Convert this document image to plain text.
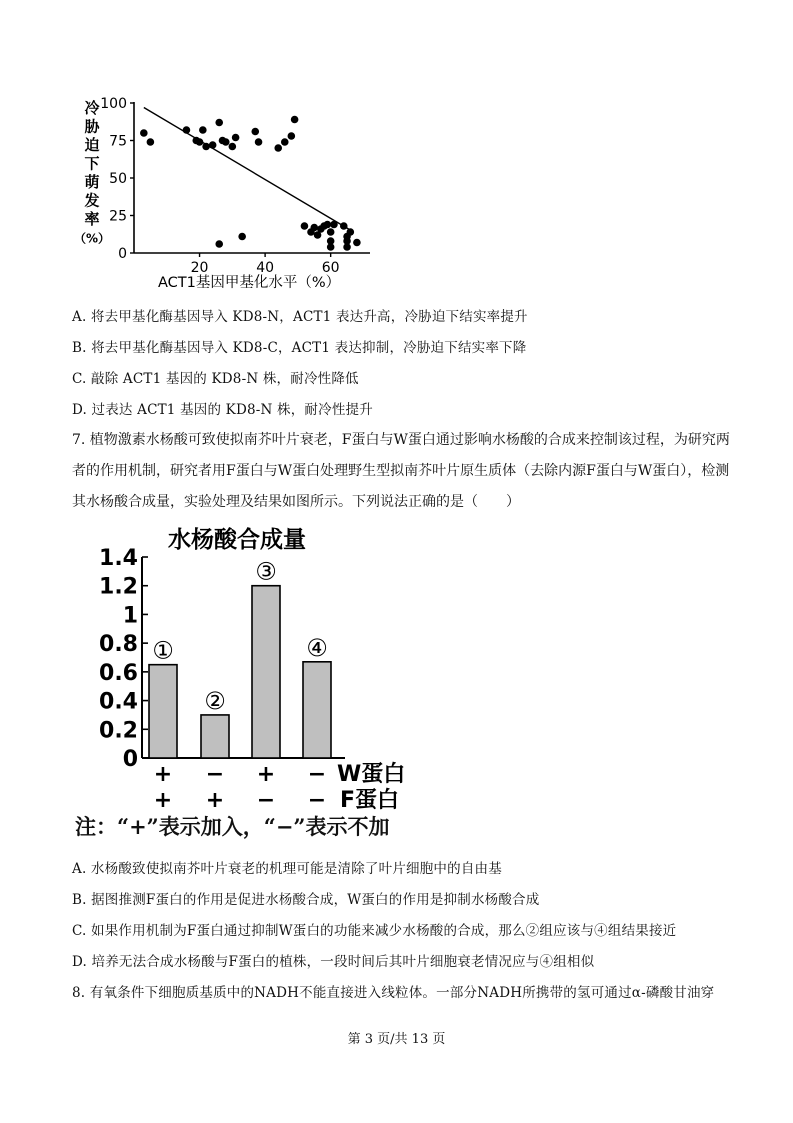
冷
胁
迫
下
萌
发
率
（%）
100
75
50
25
0
20	40	60
ACT1基因甲基化水平（%）
A. 将去甲基化酶基因导入 KD8-N，ACT1 表达升高，冷胁迫下结实率提升
B. 将去甲基化酶基因导入 KD8-C，ACT1 表达抑制，冷胁迫下结实率下降
C. 敲除 ACT1 基因的 KD8-N 株，耐冷性降低
D. 过表达 ACT1 基因的 KD8-N 株，耐冷性提升
7. 植物激素水杨酸可致使拟南芥叶片衰老，F蛋白与W蛋白通过影响水杨酸的合成来控制该过程，为研究两者的作用机制，研究者用F蛋白与W蛋白处理野生型拟南芥叶片原生质体（去除内源F蛋白与W蛋白），检测其水杨酸合成量，实验处理及结果如图所示。下列说法正确的是（　　）
水杨酸合成量
0
0.2
0.4
0.6
0.8
1
1.2
1.4
①
②
③
④
+ − + −
+ + − −
W蛋白
F蛋白
注：“+”表示加入，“−”表示不加
A. 水杨酸致使拟南芥叶片衰老的机理可能是清除了叶片细胞中的自由基
B. 据图推测F蛋白的作用是促进水杨酸合成，W蛋白的作用是抑制水杨酸合成
C. 如果作用机制为F蛋白通过抑制W蛋白的功能来减少水杨酸的合成，那么②组应该与④组结果接近
D. 培养无法合成水杨酸与F蛋白的植株，一段时间后其叶片细胞衰老情况应与④组相似
8. 有氧条件下细胞质基质中的NADH不能直接进入线粒体。一部分NADH所携带的氢可通过α-磷酸甘油穿
第 3 页/共 13 页
